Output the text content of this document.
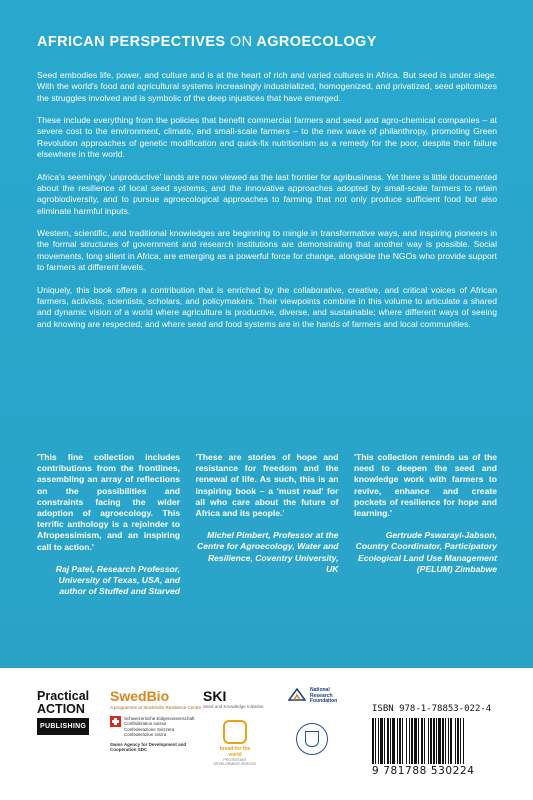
AFRICAN PERSPECTIVES ON AGROECOLOGY

Seed embodies life, power, and culture and is at the heart of rich and varied cultures in Africa. But seed is under siege. With the world's food and agricultural systems increasingly industrialized, homogenized, and privatized, seed epitomizes the struggles involved and is symbolic of the deep injustices that have emerged.

These include everything from the policies that benefit commercial farmers and seed and agro-chemical companies – at severe cost to the environment, climate, and small-scale farmers – to the new wave of philanthropy, promoting Green Revolution approaches of genetic modification and quick-fix nutritionism as a remedy for the poor, despite their failure elsewhere in the world.

Africa's seemingly 'unproductive' lands are now viewed as the last frontier for agribusiness. Yet there is little documented about the resilience of local seed systems, and the innovative approaches adopted by small-scale farmers to retain agrobiodiversity, and to pursue agroecological approaches to farming that not only produce sufficient food but also eliminate harmful inputs.

Western, scientific, and traditional knowledges are beginning to mingle in transformative ways, and inspiring pioneers in the formal structures of government and research institutions are demonstrating that another way is possible. Social movements, long silent in Africa, are emerging as a powerful force for change, alongside the NGOs who provide support to farmers at different levels.

Uniquely, this book offers a contribution that is enriched by the collaborative, creative, and critical voices of African farmers, activists, scientists, scholars, and policymakers. Their viewpoints combine in this volume to articulate a shared and dynamic vision of a world where agriculture is productive, diverse, and sustainable; where different ways of seeing and knowing are respected; and where seed and food systems are in the hands of farmers and local communities.

'This fine collection includes contributions from the frontlines, assembling an array of reflections on the possibilities and constraints facing the wider adoption of agroecology. This terrific anthology is a rejoinder to Afropessimism, and an inspiring call to action.'
Raj Patel, Research Professor, University of Texas, USA, and author of Stuffed and Starved
'These are stories of hope and resistance for freedom and the renewal of life. As such, this is an inspiring book – a 'must read' for all who care about the future of Africa and its people.'
Michel Pimbert, Professor at the Centre for Agroecology, Water and Resilience, Coventry University, UK
'This collection reminds us of the need to deepen the seed and knowledge work with farmers to revive, enhance and create pockets of resilience for hope and learning.'
Gertrude Pswarayi-Jabson, Country Coordinator, Participatory Ecological Land Use Management (PELUM) Zimbabwe
Practical
ACTION
PUBLISHING
SwedBio
A programme at Stockholm Resilience Centre
Schweizerische Eidgenossenschaft
Confédération suisse
Confederazione Svizzera
Confederaziun svizra
Swiss Agency for Development and Cooperation SDC
SKI
Seed and Knowledge Initiative
bread for the world
PROTESTANT DEVELOPMENT SERVICE
National
Research
Foundation
ISBN 978-1-78853-022-4
9 781788 530224
